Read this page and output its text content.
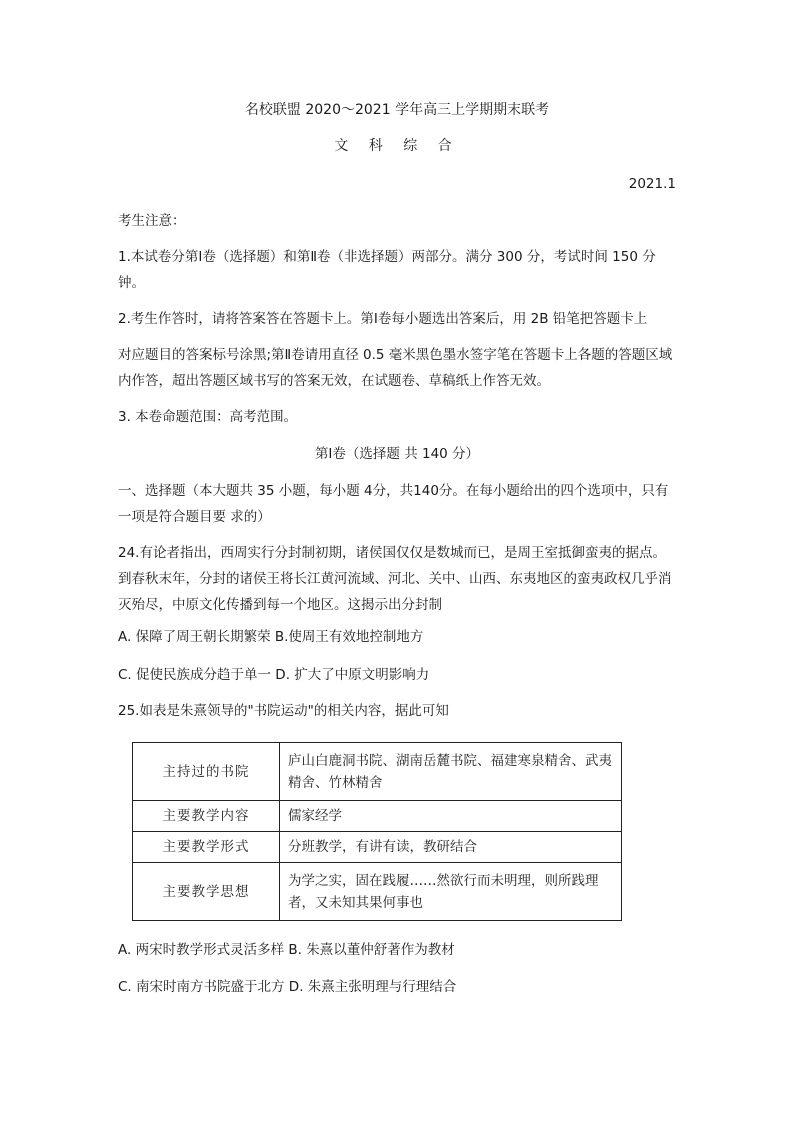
名校联盟 2020～2021 学年高三上学期期末联考
文 科 综 合
2021.1
考生注意：
1.本试卷分第Ⅰ卷（选择题）和第Ⅱ卷（非选择题）两部分。满分 300 分，考试时间 150 分钟。
2.考生作答时，请将答案答在答题卡上。第Ⅰ卷每小题选出答案后，用 2B 铅笔把答题卡上
对应题目的答案标号涂黑;第Ⅱ卷请用直径 0.5 毫米黑色墨水签字笔在答题卡上各题的答题区域内作答，超出答题区域书写的答案无效，在试题卷、草稿纸上作答无效。
3. 本卷命题范围：高考范围。
第Ⅰ卷（选择题 共 140 分）
一、选择题（本大题共 35 小题，每小题 4分，共140分。在每小题给出的四个选项中，只有一项是符合题目要 求的）
24.有论者指出，西周实行分封制初期，诸侯国仅仅是数城而已，是周王室抵御蛮夷的据点。到春秋末年，分封的诸侯王将长江黄河流域、河北、关中、山西、东夷地区的蛮夷政权几乎消灭殆尽，中原文化传播到每一个地区。这揭示出分封制
A. 保障了周王朝长期繁荣 B.使周王有效地控制地方
C. 促使民族成分趋于单一 D. 扩大了中原文明影响力
25.如表是朱熹领导的"书院运动"的相关内容，据此可知
主持过的书院	庐山白鹿洞书院、湖南岳麓书院、福建寒泉精舍、武夷精舍、竹林精舍
主要教学内容	儒家经学
主要教学形式	分班教学，有讲有读，教研结合
主要教学思想	为学之实，固在践履……然欲行而未明理，则所践理者，又未知其果何事也
A. 两宋时教学形式灵活多样 B. 朱熹以董仲舒著作为教材
C. 南宋时南方书院盛于北方 D. 朱熹主张明理与行理结合
